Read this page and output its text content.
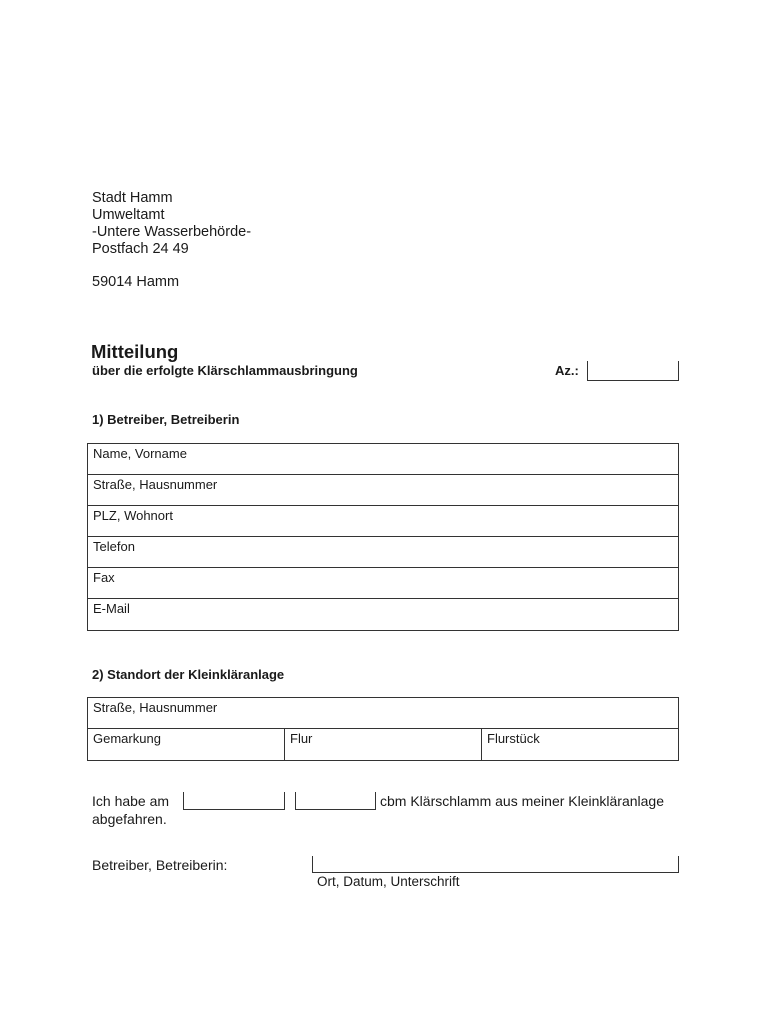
Stadt Hamm
Umweltamt
-Untere Wasserbehörde-
Postfach 24 49
59014 Hamm
Mitteilung
über die erfolgte Klärschlammausbringung	Az.:
1) Betreiber, Betreiberin
Name, Vorname
Straße, Hausnummer
PLZ, Wohnort
Telefon
Fax
E-Mail
2) Standort der Kleinkläranlage
Straße, Hausnummer
Gemarkung	Flur	Flurstück
Ich habe am	cbm Klärschlamm aus meiner Kleinkläranlage
abgefahren.
Betreiber, Betreiberin:
Ort, Datum, Unterschrift
